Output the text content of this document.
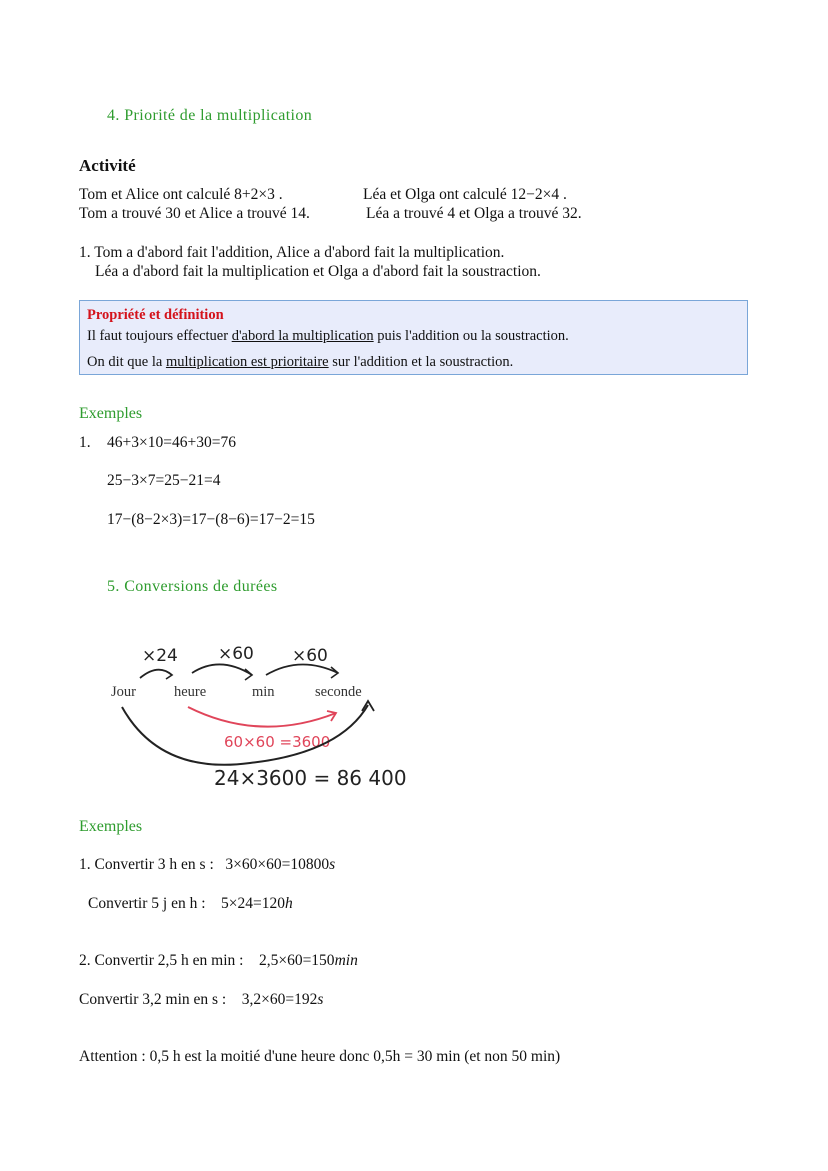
4. Priorité de la multiplication
Activité
Tom et Alice ont calculé 8+2×3 .
Tom a trouvé 30 et Alice a trouvé 14.
Léa et Olga ont calculé 12−2×4 .
Léa a trouvé 4 et Olga a trouvé 32.
1. Tom a d'abord fait l'addition, Alice a d'abord fait la multiplication.
Léa a d'abord fait la multiplication et Olga a d'abord fait la soustraction.
Propriété et définition
Il faut toujours effectuer d'abord la multiplication puis l'addition ou la soustraction.
On dit que la multiplication est prioritaire sur l'addition et la soustraction.
Exemples
1. 46+3×10=46+30=76
25−3×7=25−21=4
17−(8−2×3)=17−(8−6)=17−2=15
5. Conversions de durées
×24 ×60 ×60
Jour	heure	min	seconde
60×60 =3600
24×3600 = 86 400
Exemples
1. Convertir 3 h en s : 3×60×60=10800s
Convertir 5 j en h : 5×24=120h
2. Convertir 2,5 h en min : 2,5×60=150min
Convertir 3,2 min en s : 3,2×60=192s
Attention : 0,5 h est la moitié d'une heure donc 0,5h = 30 min (et non 50 min)
